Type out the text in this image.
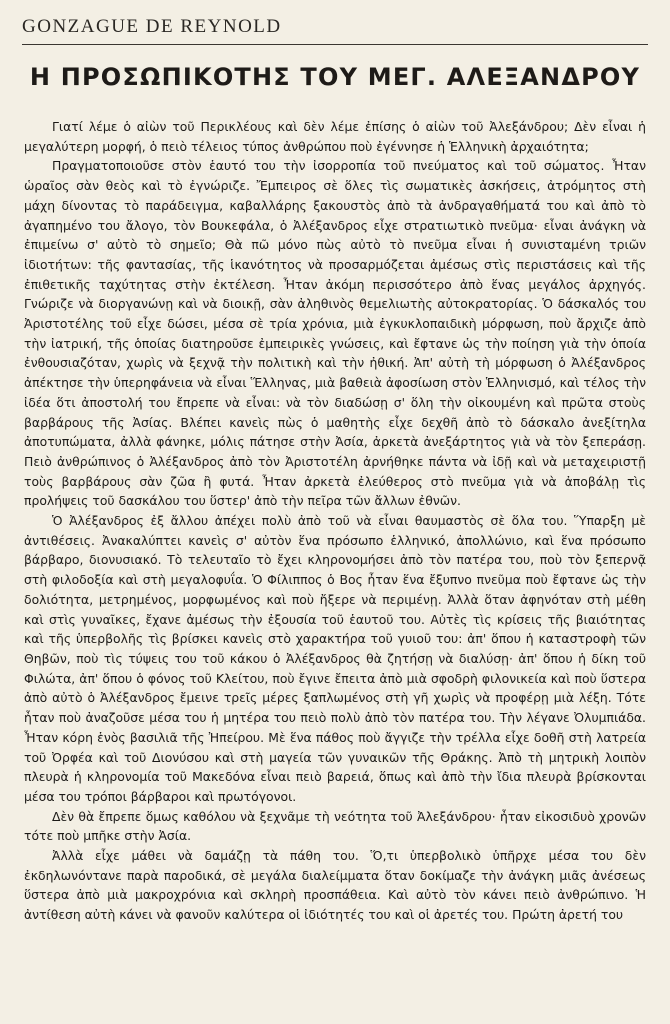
GONZAGUE DE REYNOLD
Η ΠΡΟΣΩΠΙΚΟΤΗΣ ΤΟΥ ΜΕΓ. ΑΛΕΞΑΝΔΡΟΥ

Γιατί λέμε ὁ αἰὼν τοῦ Περικλέους καὶ δὲν λέμε ἐπίσης ὁ αἰὼν τοῦ Ἀλεξάνδρου; Δὲν εἶναι ἡ μεγαλύτερη μορφή, ὁ πειὸ τέλειος τύπος ἀνθρώπου ποὺ ἐγέννησε ἡ Ἑλληνικὴ ἀρχαιότητα;

Πραγματοποιοῦσε στὸν ἑαυτό του τὴν ἰσορροπία τοῦ πνεύματος καὶ τοῦ σώματος. Ἦταν ὡραῖος σὰν θεὸς καὶ τὸ ἐγνώριζε. Ἔμπειρος σὲ ὅλες τὶς σωματικὲς ἀσκήσεις, ἀτρόμητος στὴ μάχη δίνοντας τὸ παράδειγμα, καβαλλάρης ξακουστὸς ἀπὸ τὰ ἀνδραγαθήματά του καὶ ἀπὸ τὸ ἀγαπημένο του ἄλογο, τὸν Βουκεφάλα, ὁ Ἀλέξανδρος εἶχε στρατιωτικὸ πνεῦμα· εἶναι ἀνάγκη νὰ ἐπιμείνω σ' αὐτὸ τὸ σημεῖο; Θὰ πῶ μόνο πὼς αὐτὸ τὸ πνεῦμα εἶναι ἡ συνισταμένη τριῶν ἰδιοτήτων: τῆς φαντασίας, τῆς ἱκανότητος νὰ προσαρμόζεται ἀμέσως στὶς περιστάσεις καὶ τῆς ἐπιθετικῆς ταχύτητας στὴν ἐκτέλεση. Ἦταν ἀκόμη περισσότερο ἀπὸ ἕνας μεγάλος ἀρχηγός. Γνώριζε νὰ διοργανώνῃ καὶ νὰ διοικῇ, σὰν ἀληθινὸς θεμελιωτὴς αὐτοκρατορίας. Ὁ δάσκαλός του Ἀριστοτέλης τοῦ εἶχε δώσει, μέσα σὲ τρία χρόνια, μιὰ ἐγκυκλοπαιδικὴ μόρφωση, ποὺ ἄρχιζε ἀπὸ τὴν ἰατρική, τῆς ὁποίας διατηροῦσε ἐμπειρικὲς γνώσεις, καὶ ἔφτανε ὡς τὴν ποίηση γιὰ τὴν ὁποία ἐνθουσιαζόταν, χωρὶς νὰ ξεχνᾷ τὴν πολιτικὴ καὶ τὴν ἠθική. Ἀπ' αὐτὴ τὴ μόρφωση ὁ Ἀλέξανδρος ἀπέκτησε τὴν ὑπερηφάνεια νὰ εἶναι Ἕλληνας, μιὰ βαθειὰ ἀφοσίωση στὸν Ἑλληνισμό, καὶ τέλος τὴν ἰδέα ὅτι ἀποστολή του ἔπρεπε νὰ εἶναι: νὰ τὸν διαδώσῃ σ' ὅλη τὴν οἰκουμένη καὶ πρῶτα στοὺς βαρβάρους τῆς Ἀσίας. Βλέπει κανεὶς πὼς ὁ μαθητὴς εἶχε δεχθῆ ἀπὸ τὸ δάσκαλο ἀνεξίτηλα ἀποτυπώματα, ἀλλὰ φάνηκε, μόλις πάτησε στὴν Ἀσία, ἀρκετὰ ἀνεξάρτητος γιὰ νὰ τὸν ξεπεράσῃ. Πειὸ ἀνθρώπινος ὁ Ἀλέξανδρος ἀπὸ τὸν Ἀριστοτέλη ἀρνήθηκε πάντα νὰ ἰδῇ καὶ νὰ μεταχειριστῇ τοὺς βαρβάρους σὰν ζῶα ἢ φυτά. Ἦταν ἀρκετὰ ἐλεύθερος στὸ πνεῦμα γιὰ νὰ ἀποβάλῃ τὶς προλήψεις τοῦ δασκάλου του ὕστερ' ἀπὸ τὴν πεῖρα τῶν ἄλλων ἐθνῶν.

Ὁ Ἀλέξανδρος ἐξ ἄλλου ἀπέχει πολὺ ἀπὸ τοῦ νὰ εἶναι θαυμαστὸς σὲ ὅλα του. Ὕπαρξη μὲ ἀντιθέσεις. Ἀνακαλύπτει κανεὶς σ' αὐτὸν ἕνα πρόσωπο ἑλληνικό, ἀπολλώνιο, καὶ ἕνα πρόσωπο βάρβαρο, διονυσιακό. Τὸ τελευταῖο τὸ ἔχει κληρονομήσει ἀπὸ τὸν πατέρα του, ποὺ τὸν ξεπερνᾷ στὴ φιλοδοξία καὶ στὴ μεγαλοφυΐα. Ὁ Φίλιππος ὁ Βος ἦταν ἕνα ἔξυπνο πνεῦμα ποὺ ἔφτανε ὡς τὴν δολιότητα, μετρημένος, μορφωμένος καὶ ποὺ ἤξερε νὰ περιμένῃ. Ἀλλὰ ὅταν ἀφηνόταν στὴ μέθη καὶ στὶς γυναῖκες, ἔχανε ἀμέσως τὴν ἐξουσία τοῦ ἑαυτοῦ του. Αὐτὲς τὶς κρίσεις τῆς βιαιότητας καὶ τῆς ὑπερβολῆς τὶς βρίσκει κανεὶς στὸ χαρακτήρα τοῦ γυιοῦ του: ἀπ' ὅπου ἡ καταστροφὴ τῶν Θηβῶν, ποὺ τὶς τύψεις του τοῦ κάκου ὁ Ἀλέξανδρος θὰ ζητήσῃ νὰ διαλύσῃ· ἀπ' ὅπου ἡ δίκη τοῦ Φιλώτα, ἀπ' ὅπου ὁ φόνος τοῦ Κλείτου, ποὺ ἔγινε ἔπειτα ἀπὸ μιὰ σφοδρὴ φιλονικεία καὶ ποὺ ὕστερα ἀπὸ αὐτὸ ὁ Ἀλέξανδρος ἔμεινε τρεῖς μέρες ξαπλωμένος στὴ γῆ χωρὶς νὰ προφέρῃ μιὰ λέξη. Τότε ἦταν ποὺ ἀναζοῦσε μέσα του ἡ μητέρα του πειὸ πολὺ ἀπὸ τὸν πατέρα του. Τὴν λέγανε Ὀλυμπιάδα. Ἦταν κόρη ἑνὸς βασιλιᾶ τῆς Ἠπείρου. Μὲ ἕνα πάθος ποὺ ἄγγιζε τὴν τρέλλα εἶχε δοθῆ στὴ λατρεία τοῦ Ὀρφέα καὶ τοῦ Διονύσου καὶ στὴ μαγεία τῶν γυναικῶν τῆς Θράκης. Ἀπὸ τὴ μητρικὴ λοιπὸν πλευρὰ ἡ κληρονομία τοῦ Μακεδόνα εἶναι πειὸ βαρειά, ὅπως καὶ ἀπὸ τὴν ἴδια πλευρὰ βρίσκονται μέσα του τρόποι βάρβαροι καὶ πρωτόγονοι.

Δὲν θὰ ἔπρεπε ὅμως καθόλου νὰ ξεχνᾶμε τὴ νεότητα τοῦ Ἀλεξάνδρου· ἦταν εἰκοσιδυὸ χρονῶν τότε ποὺ μπῆκε στὴν Ἀσία.

Ἀλλὰ εἶχε μάθει νὰ δαμάζῃ τὰ πάθη του. Ὅ,τι ὑπερβολικὸ ὑπῆρχε μέσα του δὲν ἐκδηλωνόντανε παρὰ παροδικά, σὲ μεγάλα διαλείμματα ὅταν δοκίμαζε τὴν ἀνάγκη μιᾶς ἀνέσεως ὕστερα ἀπὸ μιὰ μακροχρόνια καὶ σκληρὴ προσπάθεια. Καὶ αὐτὸ τὸν κάνει πειὸ ἀνθρώπινο. Ἡ ἀντίθεση αὐτὴ κάνει νὰ φανοῦν καλύτερα οἱ ἰδιότητές του καὶ οἱ ἀρετές του. Πρώτη ἀρετή του
